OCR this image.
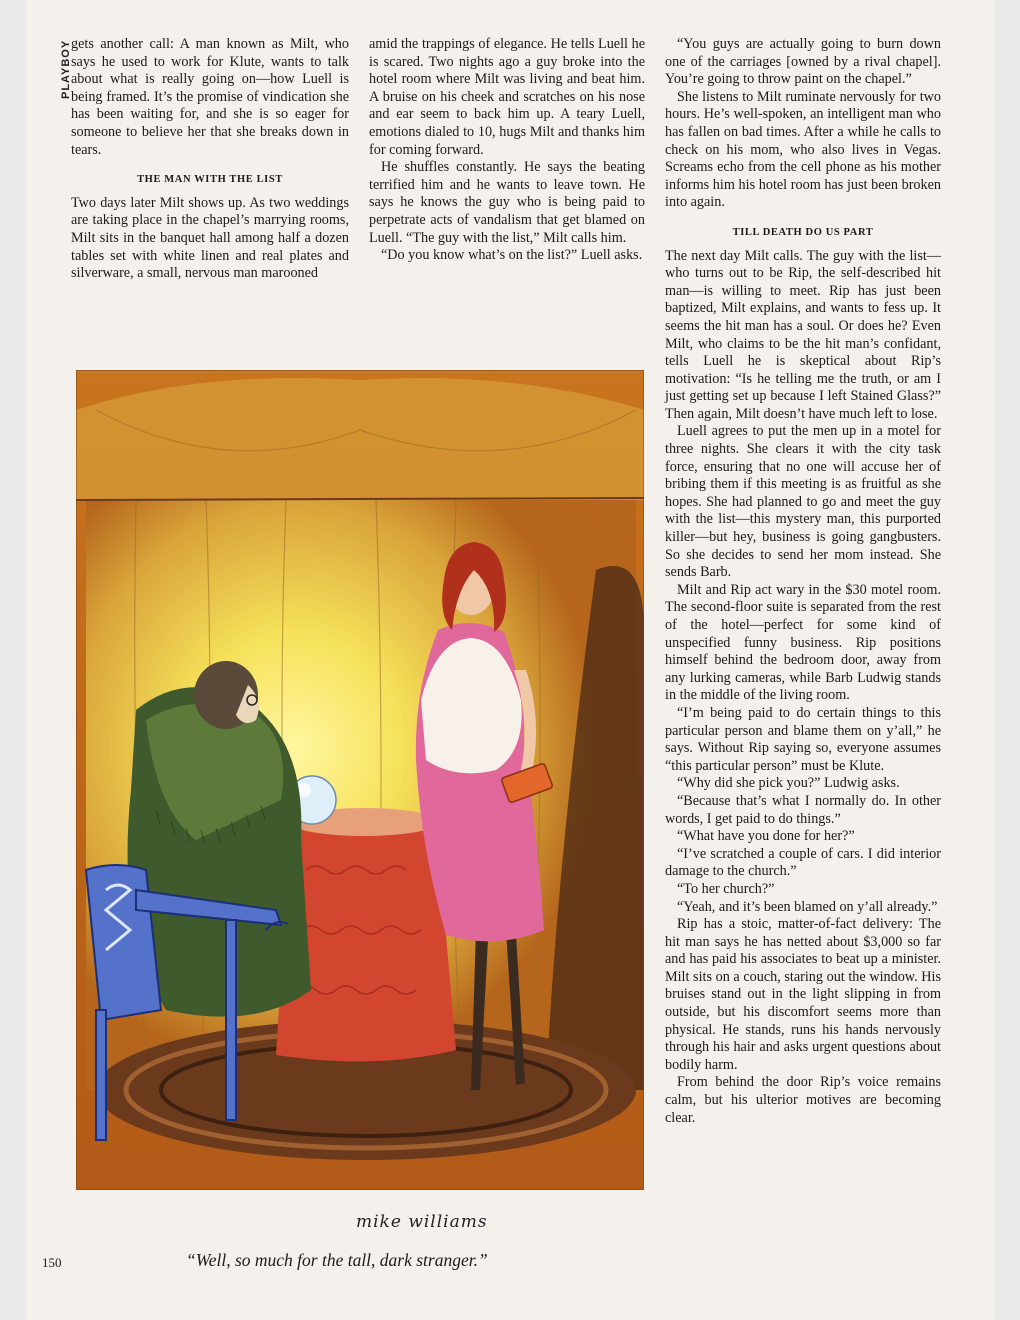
PLAYBOY gets another call: A man known as Milt, who says he used to work for Klute, wants to talk about what is really going on—how Luell is being framed. It’s the promise of vindication she has been waiting for, and she is so eager for someone to believe her that she breaks down in tears.

THE MAN WITH THE LIST

Two days later Milt shows up. As two weddings are taking place in the chapel’s marrying rooms, Milt sits in the banquet hall among half a dozen tables set with white linen and real plates and silverware, a small, nervous man marooned

amid the trappings of elegance. He tells Luell he is scared. Two nights ago a guy broke into the hotel room where Milt was living and beat him. A bruise on his cheek and scratches on his nose and ear seem to back him up. A teary Luell, emotions dialed to 10, hugs Milt and thanks him for coming forward.

He shuffles constantly. He says the beating terrified him and he wants to leave town. He says he knows the guy who is being paid to perpetrate acts of vandalism that get blamed on Luell. “The guy with the list,” Milt calls him.

“Do you know what’s on the list?” Luell asks.

“You guys are actually going to burn down one of the carriages [owned by a rival chapel]. You’re going to throw paint on the chapel.”

She listens to Milt ruminate nervously for two hours. He’s well-spoken, an intelligent man who has fallen on bad times. After a while he calls to check on his mom, who also lives in Vegas. Screams echo from the cell phone as his mother informs him his hotel room has just been broken into again.

TILL DEATH DO US PART

The next day Milt calls. The guy with the list—who turns out to be Rip, the self-described hit man—is willing to meet. Rip has just been baptized, Milt explains, and wants to fess up. It seems the hit man has a soul. Or does he? Even Milt, who claims to be the hit man’s confidant, tells Luell he is skeptical about Rip’s motivation: “Is he telling me the truth, or am I just getting set up because I left Stained Glass?” Then again, Milt doesn’t have much left to lose.

Luell agrees to put the men up in a motel for three nights. She clears it with the city task force, ensuring that no one will accuse her of bribing them if this meeting is as fruitful as she hopes. She had planned to go and meet the guy with the list—this mystery man, this purported killer—but hey, business is going gangbusters. So she decides to send her mom instead. She sends Barb.

Milt and Rip act wary in the $30 motel room. The second-floor suite is separated from the rest of the hotel—perfect for some kind of unspecified funny business. Rip positions himself behind the bedroom door, away from any lurking cameras, while Barb Ludwig stands in the middle of the living room.

“I’m being paid to do certain things to this particular person and blame them on y’all,” he says. Without Rip saying so, everyone assumes “this particular person” must be Klute.

“Why did she pick you?” Ludwig asks.

“Because that’s what I normally do. In other words, I get paid to do things.”

“What have you done for her?”

“I’ve scratched a couple of cars. I did interior damage to the church.”

“To her church?”

“Yeah, and it’s been blamed on y’all already.”

Rip has a stoic, matter-of-fact delivery: The hit man says he has netted about $3,000 so far and has paid his associates to beat up a minister. Milt sits on a couch, staring out the window. His bruises stand out in the light slipping in from outside, but his discomfort seems more than physical. He stands, runs his hands nervously through his hair and asks urgent questions about bodily harm.

From behind the door Rip’s voice remains calm, but his ulterior motives are becoming clear.

mike williams
“Well, so much for the tall, dark stranger.”
150
